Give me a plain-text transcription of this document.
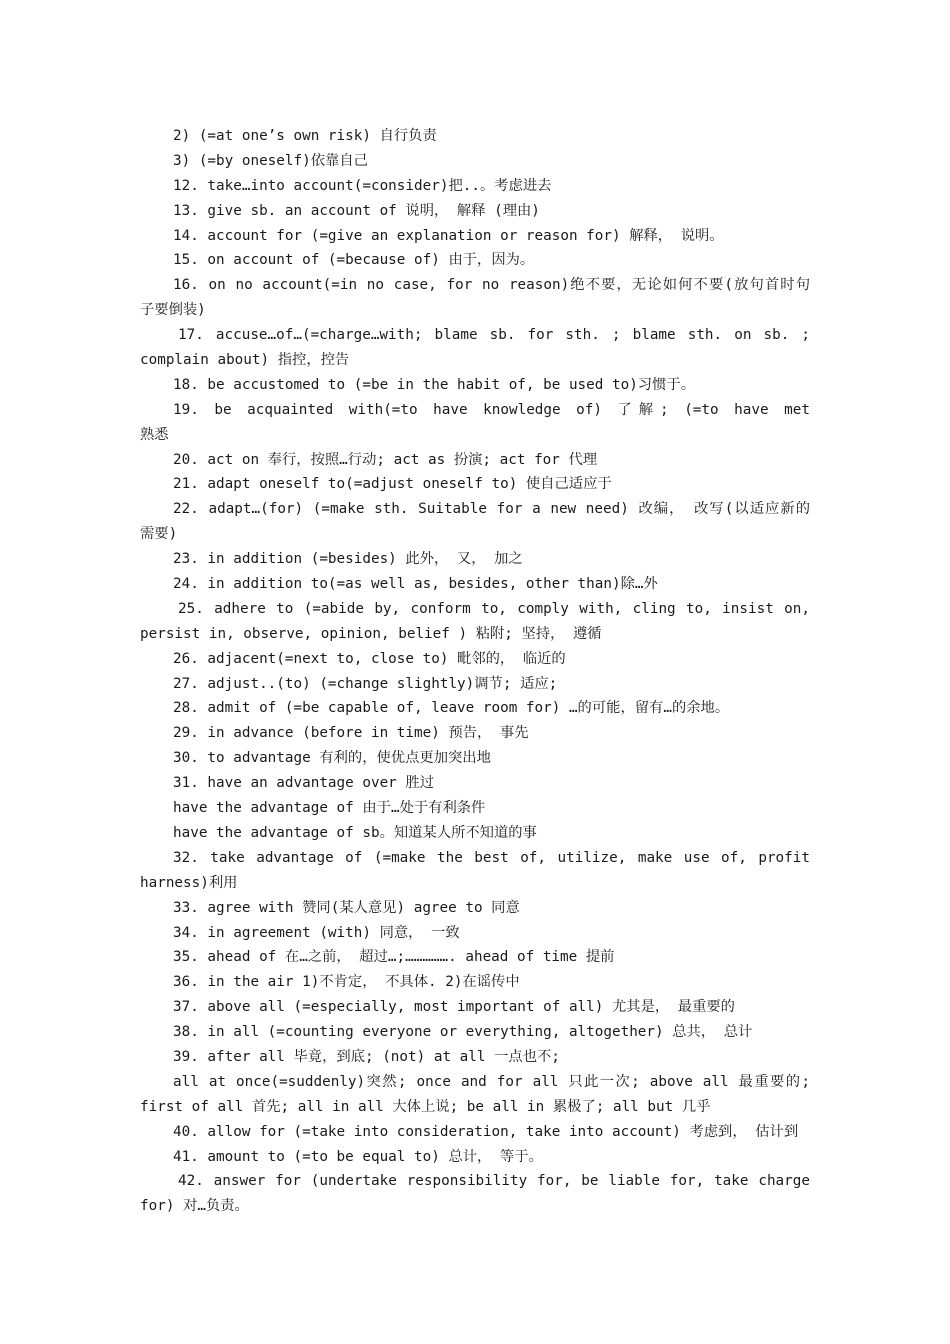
2) (=at one’s own risk) 自行负责
3) (=by oneself)依靠自己
12. take…into account(=consider)把..。考虑进去
13. give sb. an account of 说明， 解释 (理由)
14. account for (=give an explanation or reason for) 解释， 说明。
15. on account of (=because of) 由于，因为。
16. on no account(=in no case, for no reason)绝不要，无论如何不要(放句首时句
子要倒装)
17. accuse…of…(=charge…with; blame sb. for sth. ; blame sth. on sb. ;
complain about) 指控，控告
18. be accustomed to (=be in the habit of, be used to)习惯于。
19. be acquainted with(=to have knowledge of) 了解; (=to have met
熟悉
20. act on 奉行，按照…行动; act as 扮演; act for 代理
21. adapt oneself to(=adjust oneself to) 使自己适应于
22. adapt…(for) (=make sth. Suitable for a new need) 改编， 改写(以适应新的
需要)
23. in addition (=besides) 此外， 又， 加之
24. in addition to(=as well as, besides, other than)除…外
25. adhere to (=abide by, conform to, comply with, cling to, insist on,
persist in, observe, opinion, belief ) 粘附; 坚持， 遵循
26. adjacent(=next to, close to) 毗邻的， 临近的
27. adjust..(to) (=change slightly)调节; 适应;
28. admit of (=be capable of, leave room for) …的可能，留有…的余地。
29. in advance (before in time) 预告， 事先
30. to advantage 有利的，使优点更加突出地
31. have an advantage over 胜过
have the advantage of 由于…处于有利条件
have the advantage of sb。知道某人所不知道的事
32. take advantage of (=make the best of, utilize, make use of, profit
harness)利用
33. agree with 赞同(某人意见) agree to 同意
34. in agreement (with) 同意， 一致
35. ahead of 在…之前， 超过…;……………. ahead of time 提前
36. in the air 1)不肯定， 不具体. 2)在谣传中
37. above all (=especially, most important of all) 尤其是， 最重要的
38. in all (=counting everyone or everything, altogether) 总共， 总计
39. after all 毕竟，到底; (not) at all 一点也不;
all at once(=suddenly)突然; once and for all 只此一次; above all 最重要的;
first of all 首先; all in all 大体上说; be all in 累极了; all but 几乎
40. allow for (=take into consideration, take into account) 考虑到， 估计到
41. amount to (=to be equal to) 总计， 等于。
42. answer for (undertake responsibility for, be liable for, take charge
for) 对…负责。
